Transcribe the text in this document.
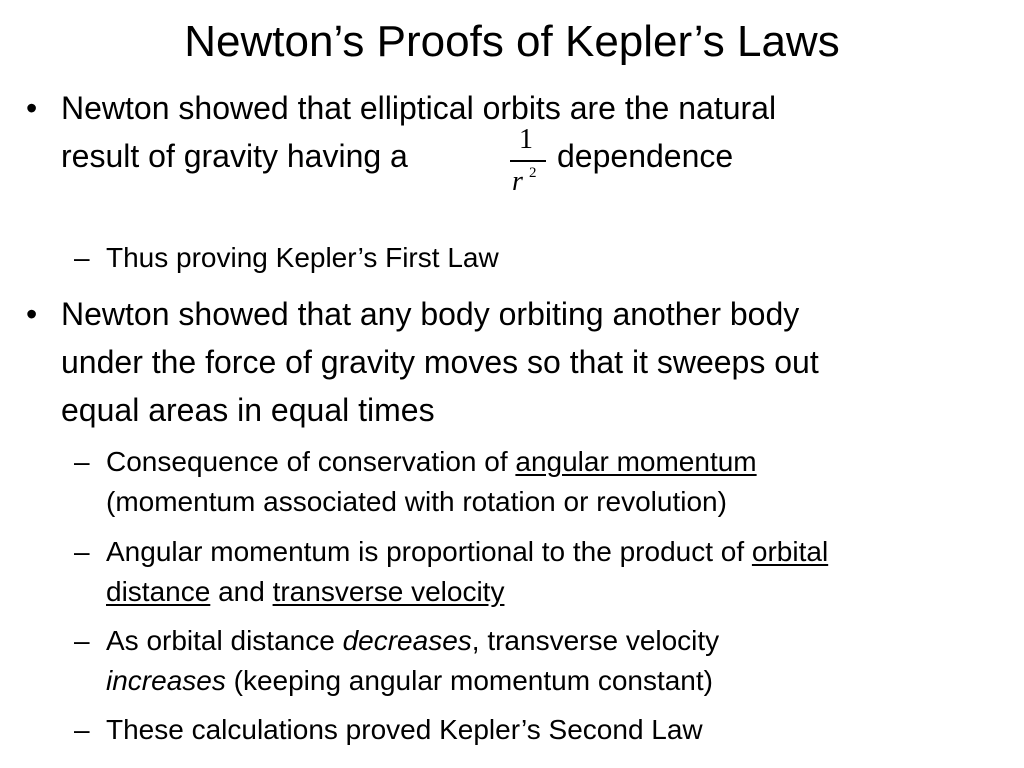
Newton’s Proofs of Kepler’s Laws
• Newton showed that elliptical orbits are the natural
result of gravity having a	1
r 2 dependence
– Thus proving Kepler’s First Law
• Newton showed that any body orbiting another body
under the force of gravity moves so that it sweeps out
equal areas in equal times
– Consequence of conservation of angular momentum
(momentum associated with rotation or revolution)
– Angular momentum is proportional to the product of orbital
distance and transverse velocity
– As orbital distance decreases, transverse velocity
increases (keeping angular momentum constant)
– These calculations proved Kepler’s Second Law
